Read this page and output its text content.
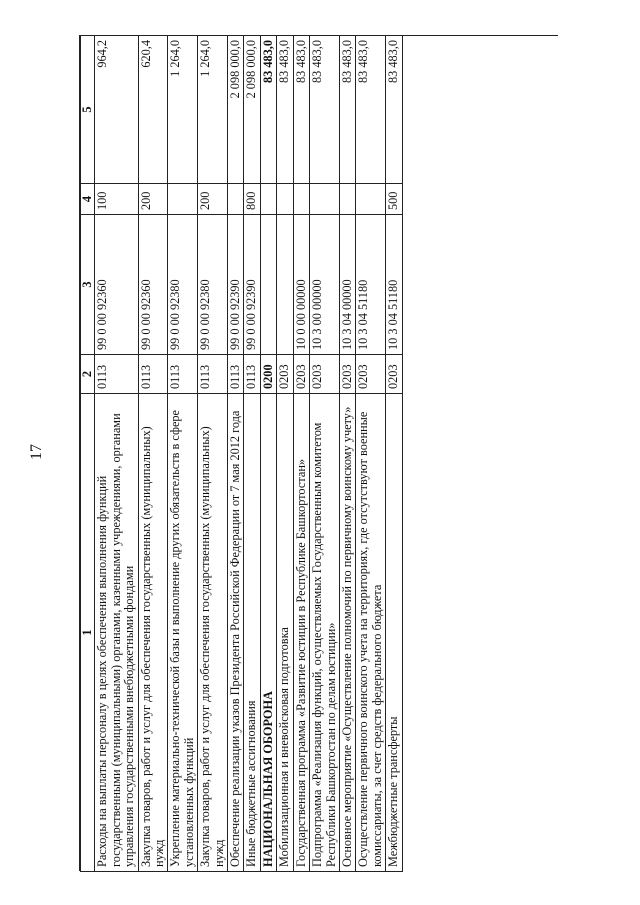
17
1	2	3	4	5
Расходы на выплаты персоналу в целях обеспечения выполнения функций государственными (муниципальными) органами, казенными учреждениями, органами управления государственными внебюджетными фондами	0113	99 0 00 92360	100	964,2
Закупка товаров, работ и услуг для обеспечения государственных (муниципальных) нужд	0113	99 0 00 92360	200	620,4
Укрепление материально-технической базы и выполнение других обязательств в сфере установленных функций	0113	99 0 00 92380		1 264,0
Закупка товаров, работ и услуг для обеспечения государственных (муниципальных) нужд	0113	99 0 00 92380	200	1 264,0
Обеспечение реализации указов Президента Российской Федерации от 7 мая 2012 года	0113	99 0 00 92390		2 098 000,0
Иные бюджетные ассигнования	0113	99 0 00 92390	800	2 098 000,0
НАЦИОНАЛЬНАЯ ОБОРОНА	0200			83 483,0
Мобилизационная и вневойсковая подготовка	0203			83 483,0
Государственная программа «Развитие юстиции в Республике Башкортостан»	0203	10 0 00 00000		83 483,0
Подпрограмма «Реализация функций, осуществляемых Государственным комитетом Республики Башкортостан по делам юстиции»	0203	10 3 00 00000		83 483,0
Основное мероприятие «Осуществление полномочий по первичному воинскому учету»	0203	10 3 04 00000		83 483,0
Осуществление первичного воинского учета на территориях, где отсутствуют военные комиссариаты, за счет средств федерального бюджета	0203	10 3 04 51180		83 483,0
Межбюджетные трансферты	0203	10 3 04 51180	500	83 483,0
